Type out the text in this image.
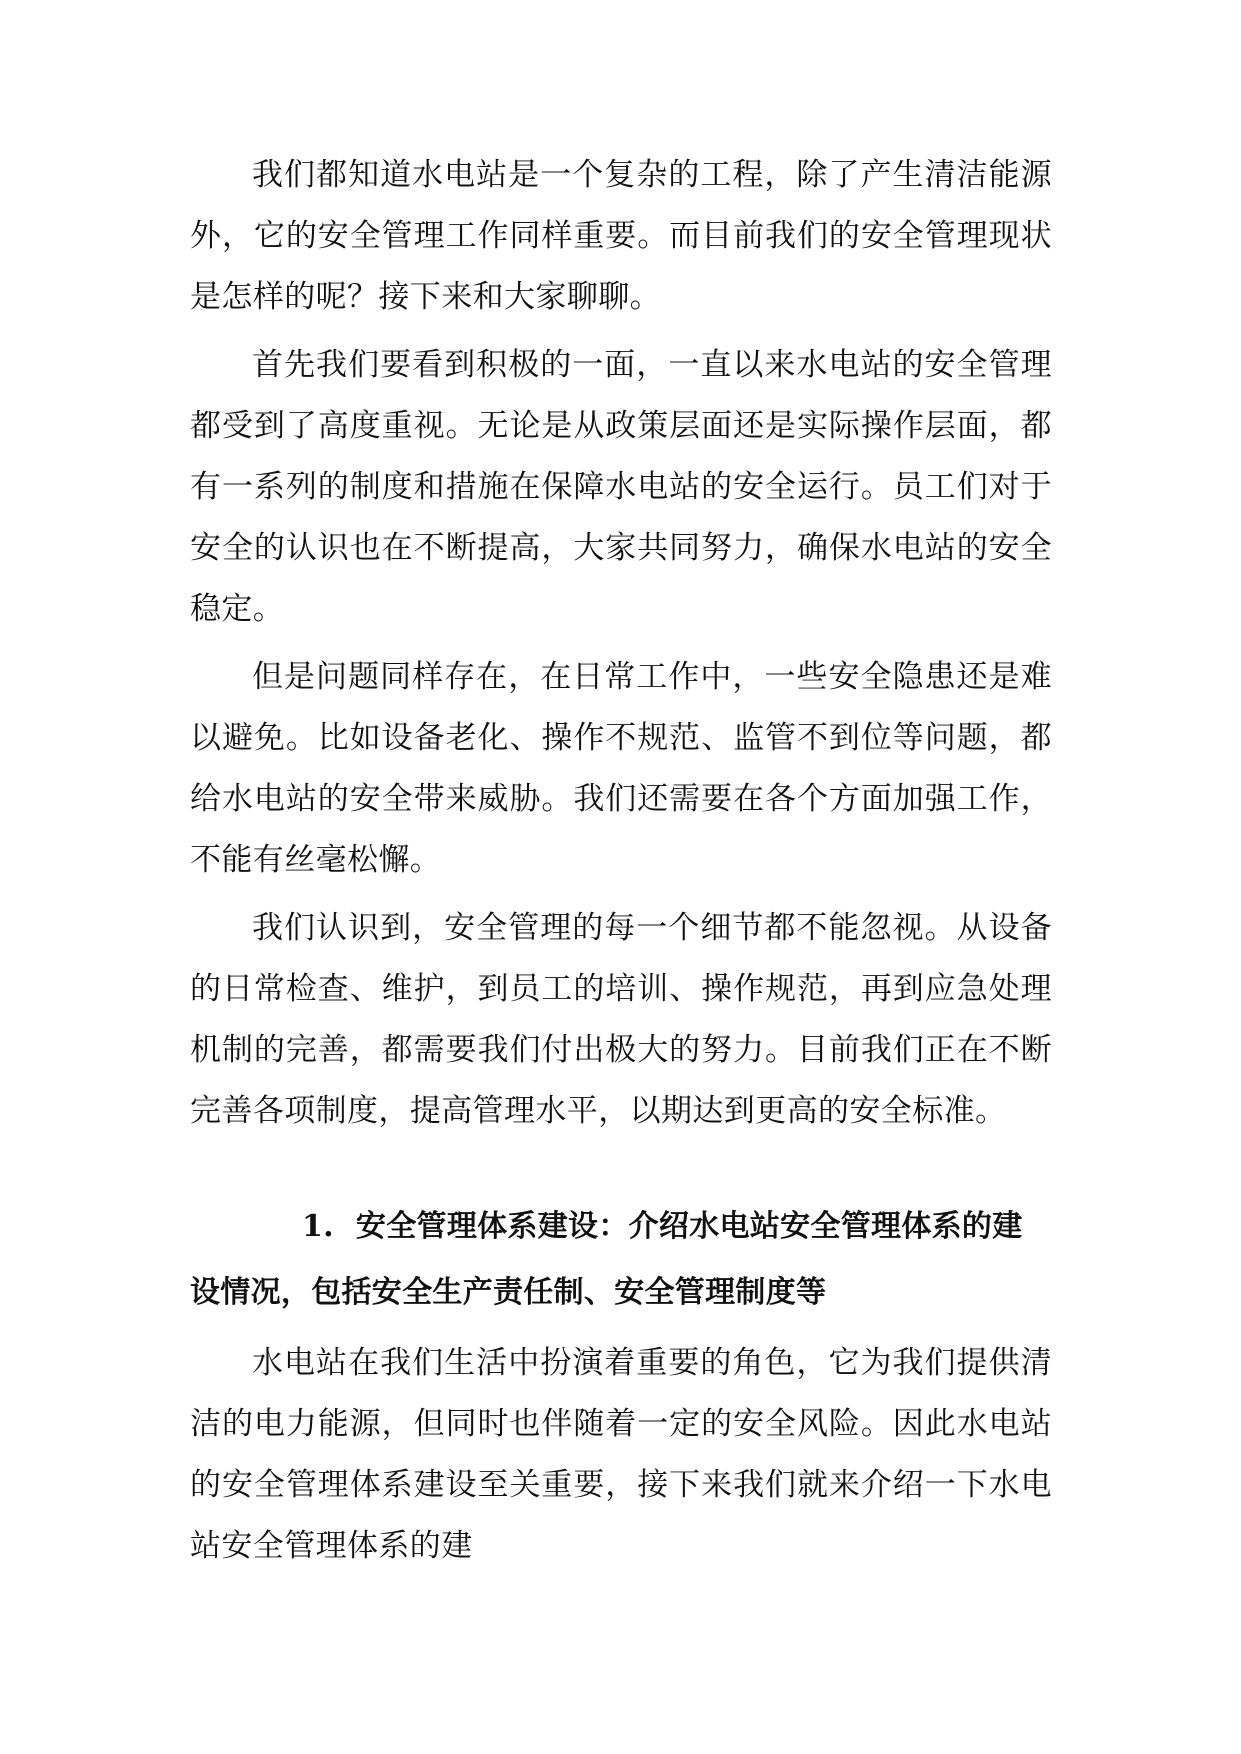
我们都知道水电站是一个复杂的工程，除了产生清洁能源外，它的安全管理工作同样重要。而目前我们的安全管理现状是怎样的呢？接下来和大家聊聊。

首先我们要看到积极的一面，一直以来水电站的安全管理都受到了高度重视。无论是从政策层面还是实际操作层面，都有一系列的制度和措施在保障水电站的安全运行。员工们对于安全的认识也在不断提高，大家共同努力，确保水电站的安全稳定。

但是问题同样存在，在日常工作中，一些安全隐患还是难以避免。比如设备老化、操作不规范、监管不到位等问题，都给水电站的安全带来威胁。我们还需要在各个方面加强工作，不能有丝毫松懈。

我们认识到，安全管理的每一个细节都不能忽视。从设备的日常检查、维护，到员工的培训、操作规范，再到应急处理机制的完善，都需要我们付出极大的努力。目前我们正在不断完善各项制度，提高管理水平，以期达到更高的安全标准。

1. 安全管理体系建设：介绍水电站安全管理体系的建设情况，包括安全生产责任制、安全管理制度等

水电站在我们生活中扮演着重要的角色，它为我们提供清洁的电力能源，但同时也伴随着一定的安全风险。因此水电站的安全管理体系建设至关重要，接下来我们就来介绍一下水电站安全管理体系的建
